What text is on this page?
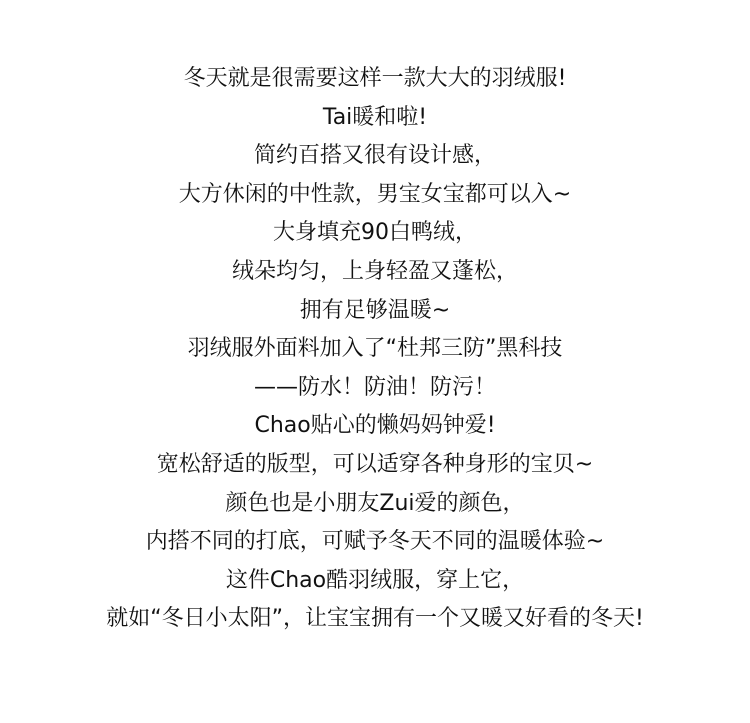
冬天就是很需要这样一款大大的羽绒服!
Tai暖和啦!
简约百搭又很有设计感，
大方休闲的中性款，男宝女宝都可以入~
大身填充90白鸭绒，
绒朵均匀，上身轻盈又蓬松，
拥有足够温暖~
羽绒服外面料加入了“杜邦三防”黑科技
——防水！防油！防污！
Chao贴心的懒妈妈钟爱!
宽松舒适的版型，可以适穿各种身形的宝贝~
颜色也是小朋友Zui爱的颜色，
内搭不同的打底，可赋予冬天不同的温暖体验~
这件Chao酷羽绒服，穿上它，
就如“冬日小太阳”，让宝宝拥有一个又暖又好看的冬天!
